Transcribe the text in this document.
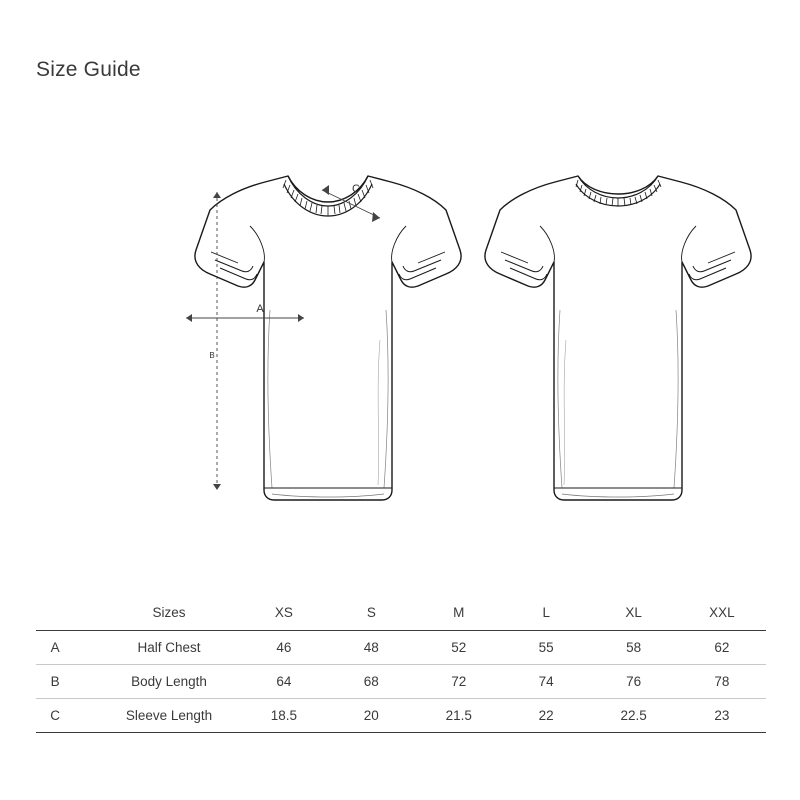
Size Guide
A
B
C
	Sizes	XS	S	M	L	XL	XXL
A	Half Chest	46	48	52	55	58	62
B	Body Length	64	68	72	74	76	78
C	Sleeve Length	18.5	20	21.5	22	22.5	23
